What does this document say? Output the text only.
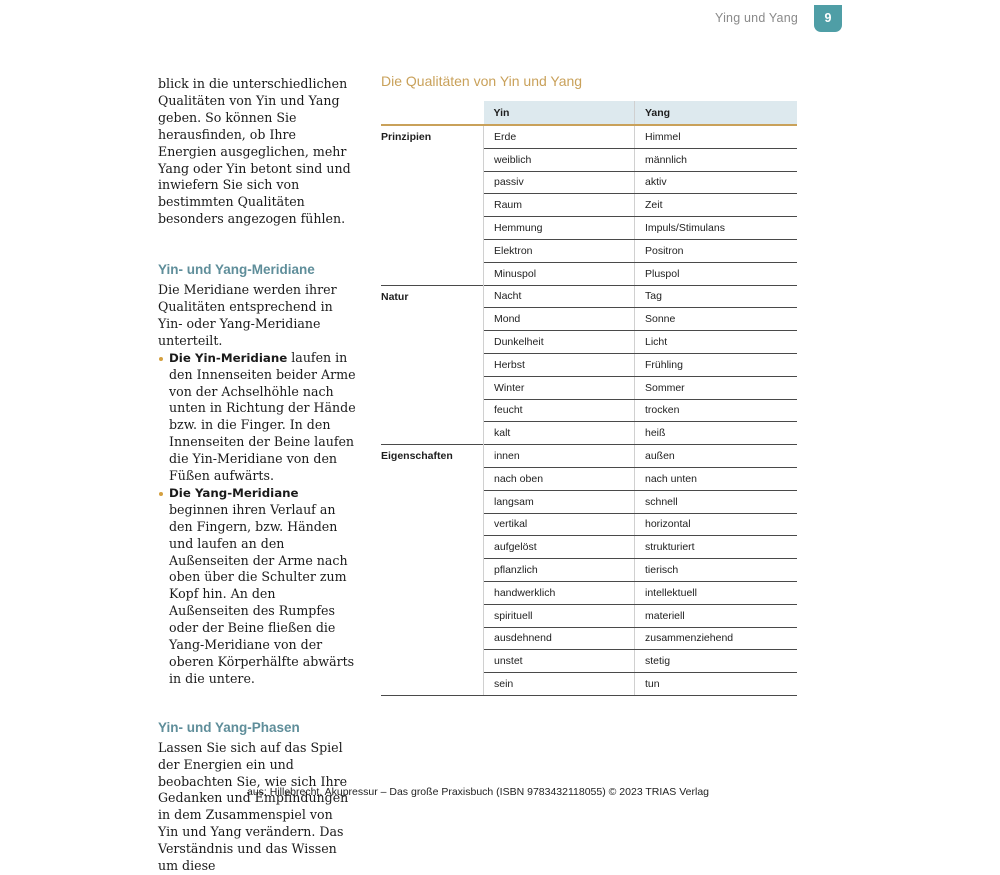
Ying und Yang	9

blick in die unterschiedlichen Qualitäten von Yin und Yang geben. So können Sie herausfinden, ob Ihre Energien ausgeglichen, mehr Yang oder Yin betont sind und inwiefern Sie sich von bestimmten Qualitäten besonders angezogen fühlen.

Yin- und Yang-Meridiane

Die Meridiane werden ihrer Qualitäten entsprechend in Yin- oder Yang-Meridiane unterteilt.

Die Yin-Meridiane laufen in den Innenseiten beider Arme von der Achselhöhle nach unten in Richtung der Hände bzw. in die Finger. In den Innenseiten der Beine laufen die Yin-Meridiane von den Füßen aufwärts.
Die Yang-Meridiane beginnen ihren Verlauf an den Fingern, bzw. Händen und laufen an den Außenseiten der Arme nach oben über die Schulter zum Kopf hin. An den Außenseiten des Rumpfes oder der Beine fließen die Yang-Meridiane von der oberen Körperhälfte abwärts in die untere.
Yin- und Yang-Phasen

Lassen Sie sich auf das Spiel der Energien ein und beobachten Sie, wie sich Ihre Gedanken und Empfindungen in dem Zusammenspiel von Yin und Yang verändern. Das Verständnis und das Wissen um diese

Die Qualitäten von Yin und Yang
	Yin	Yang
Prinzipien	Erde	Himmel
	weiblich	männlich
	passiv	aktiv
	Raum	Zeit
	Hemmung	Impuls/Stimulans
	Elektron	Positron
	Minuspol	Pluspol
Natur	Nacht	Tag
	Mond	Sonne
	Dunkelheit	Licht
	Herbst	Frühling
	Winter	Sommer
	feucht	trocken
	kalt	heiß
Eigenschaften	innen	außen
	nach oben	nach unten
	langsam	schnell
	vertikal	horizontal
	aufgelöst	strukturiert
	pflanzlich	tierisch
	handwerklich	intellektuell
	spirituell	materiell
	ausdehnend	zusammenziehend
	unstet	stetig
	sein	tun
aus: Hillebrecht, Akupressur – Das große Praxisbuch (ISBN 9783432118055) © 2023 TRIAS Verlag
